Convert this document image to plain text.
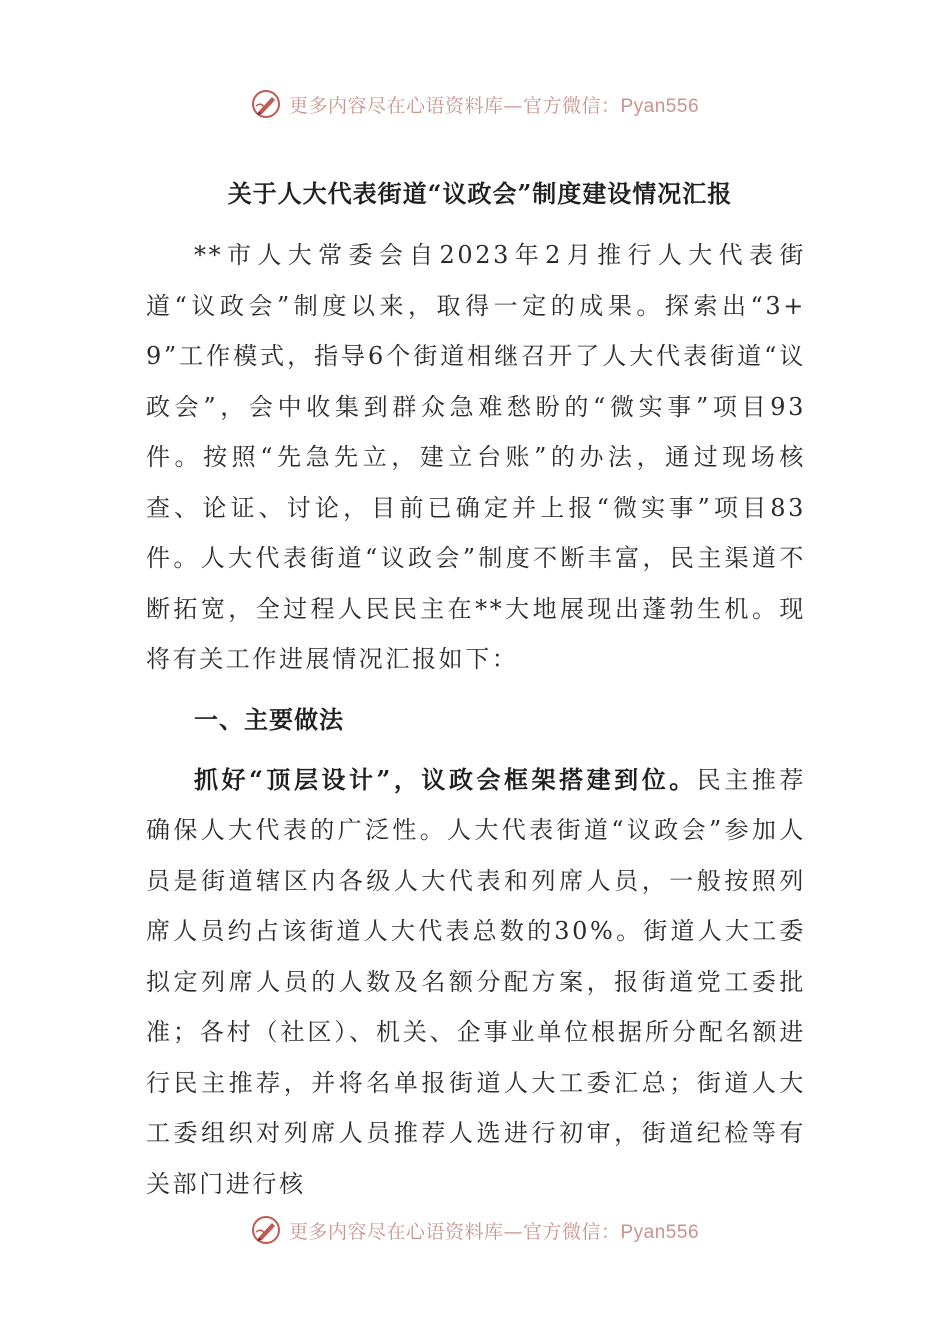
更多内容尽在心语资料库—官方微信：Pyan556
关于人大代表街道“议政会”制度建设情况汇报

**市人大常委会自2023年2月推行人大代表街道“议政会”制度以来，取得一定的成果。探索出“3+9”工作模式，指导6个街道相继召开了人大代表街道“议政会”，会中收集到群众急难愁盼的“微实事”项目93件。按照“先急先立，建立台账”的办法，通过现场核查、论证、讨论，目前已确定并上报“微实事”项目83件。人大代表街道“议政会”制度不断丰富，民主渠道不断拓宽，全过程人民民主在**大地展现出蓬勃生机。现将有关工作进展情况汇报如下：

一、主要做法

抓好“顶层设计”，议政会框架搭建到位。民主推荐确保人大代表的广泛性。人大代表街道“议政会”参加人员是街道辖区内各级人大代表和列席人员，一般按照列席人员约占该街道人大代表总数的30%。街道人大工委拟定列席人员的人数及名额分配方案，报街道党工委批准；各村（社区）、机关、企事业单位根据所分配名额进行民主推荐，并将名单报街道人大工委汇总；街道人大工委组织对列席人员推荐人选进行初审，街道纪检等有关部门进行核

更多内容尽在心语资料库—官方微信：Pyan556
